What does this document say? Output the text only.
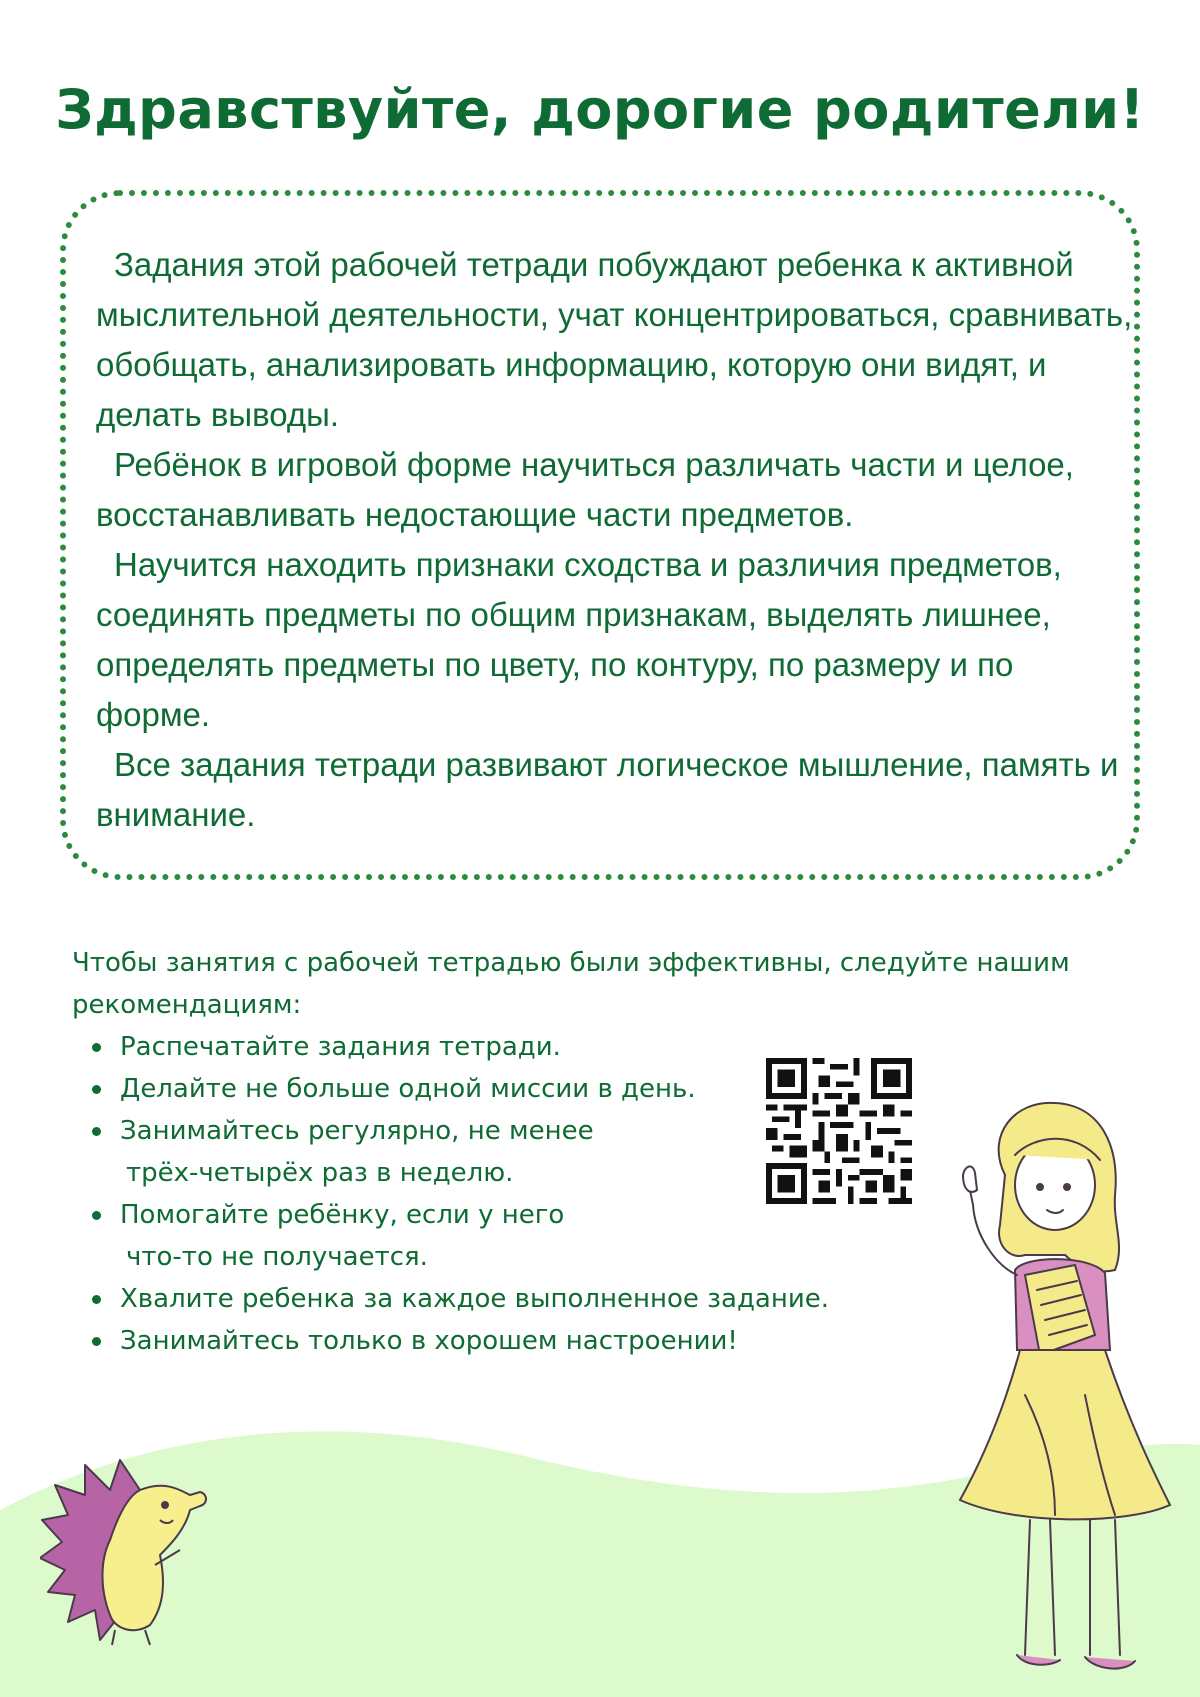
Здравствуйте, дорогие родители!

Задания этой рабочей тетради побуждают ребенка к активной мыслительной деятельности, учат концентрироваться, сравнивать, обобщать, анализировать информацию, которую они видят, и делать выводы.

Ребёнок в игровой форме научиться различать части и целое, восстанавливать недостающие части предметов.

Научится находить признаки сходства и различия предметов, соединять предметы по общим признакам, выделять лишнее, определять предметы по цвету, по контуру, по размеру и по форме.

Все задания тетради развивают логическое мышление, память и внимание.

Чтобы занятия с рабочей тетрадью были эффективны, следуйте нашим рекомендациям:

Распечатайте задания тетради.
Делайте не больше одной миссии в день.
Занимайтесь регулярно, не менее
трёх-четырёх раз в неделю.
Помогайте ребёнку, если у него
что-то не получается.
Хвалите ребенка за каждое выполненное задание.
Занимайтесь только в хорошем настроении!
